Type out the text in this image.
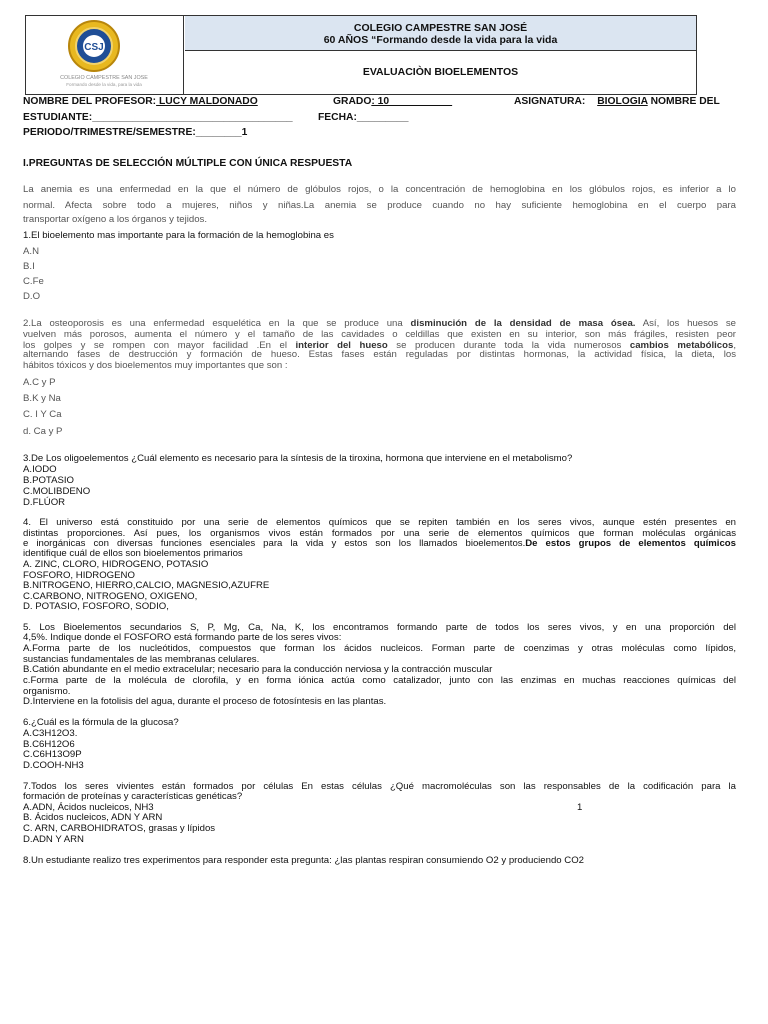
CSJ
COLEGIO CAMPESTRE SAN JOSE
Formando desde la vida, para la vida
COLEGIO CAMPESTRE SAN JOSÉ
60 AÑOS “Formando desde la vida para la vida
EVALUACIÒN BIOELEMENTOS
NOMBRE DEL PROFESOR: LUCY MALDONADO	GRADO: 10___________	ASIGNATURA: BIOLOGIA NOMBRE DEL
ESTUDIANTE:___________________________________ FECHA:_________
PERIODO/TRIMESTRE/SEMESTRE:________1
I.PREGUNTAS DE SELECCIÓN MÚLTIPLE CON ÚNICA RESPUESTA
La anemia es una enfermedad en la que el número de glóbulos rojos, o la concentración de hemoglobina en los glóbulos rojos, es inferior a lo
normal. Afecta sobre todo a mujeres, niños y niñas.La anemia se produce cuando no hay suficiente hemoglobina en el cuerpo para
transportar oxígeno a los órganos y tejidos.
1.El bioelemento mas importante para la formación de la hemoglobina es
A.N
B.I
C.Fe
D.O
2.La osteoporosis es una enfermedad esquelética en la que se produce una disminución de la densidad de masa ósea. Así, los huesos se
vuelven más porosos, aumenta el número y el tamaño de las cavidades o celdillas que existen en su interior, son más frágiles, resisten peor
los golpes y se rompen con mayor facilidad .En el interior del hueso se producen durante toda la vida numerosos cambios metabólicos,
alternando fases de destrucción y formación de hueso. Estas fases están reguladas por distintas hormonas, la actividad física, la dieta, los
hábitos tóxicos y dos bioelementos muy importantes que son :
A.C y P
B.K y Na
C. I Y Ca
d. Ca y P
3.De Los oligoelementos ¿Cuál elemento es necesario para la síntesis de la tiroxina, hormona que interviene en el metabolismo?
A.IODO
B.POTASIO
C.MOLIBDENO
D.FLÚOR
4. El universo está constituido por una serie de elementos químicos que se repiten también en los seres vivos, aunque estén presentes en
distintas proporciones. Así pues, los organismos vivos están formados por una serie de elementos químicos que forman moléculas orgánicas
e inorgánicas con diversas funciones esenciales para la vida y estos son los llamados bioelementos.De estos grupos de elementos químicos
identifique cuál de ellos son bioelementos primarios
A. ZINC, CLORO, HIDROGENO, POTASIO
FOSFORO, HIDROGENO
B.NITROGENO, HIERRO,CALCIO, MAGNESIO,AZUFRE
C.CARBONO, NITROGENO, OXIGENO,
D. POTASIO, FOSFORO, SODIO,
5. Los Bioelementos secundarios S, P, Mg, Ca, Na, K, los encontramos formando parte de todos los seres vivos, y en una proporción del
4,5%. Indique donde el FOSFORO está formando parte de los seres vivos:
A.Forma parte de los nucleótidos, compuestos que forman los ácidos nucleicos. Forman parte de coenzimas y otras moléculas como lípidos,
sustancias fundamentales de las membranas celulares.
B.Catión abundante en el medio extracelular; necesario para la conducción nerviosa y la contracción muscular
c.Forma parte de la molécula de clorofila, y en forma iónica actúa como catalizador, junto con las enzimas en muchas reacciones químicas del
organismo.
D.Interviene en la fotolisis del agua, durante el proceso de fotosíntesis en las plantas.
6.¿Cuál es la fórmula de la glucosa?
A.C3H12O3.
B.C6H12O6
C.C6H13O9P
D.COOH-NH3
7.Todos los seres vivientes están formados por células En estas células ¿Qué macromoléculas son las responsables de la codificación para la
formación de proteínas y características genéticas?
A.ADN, Ácidos nucleicos, NH3	1
B. Ácidos nucleicos, ADN Y ARN
C. ARN, CARBOHIDRATOS, grasas y lípidos
D.ADN Y ARN
8.Un estudiante realizo tres experimentos para responder esta pregunta: ¿las plantas respiran consumiendo O2 y produciendo CO2
